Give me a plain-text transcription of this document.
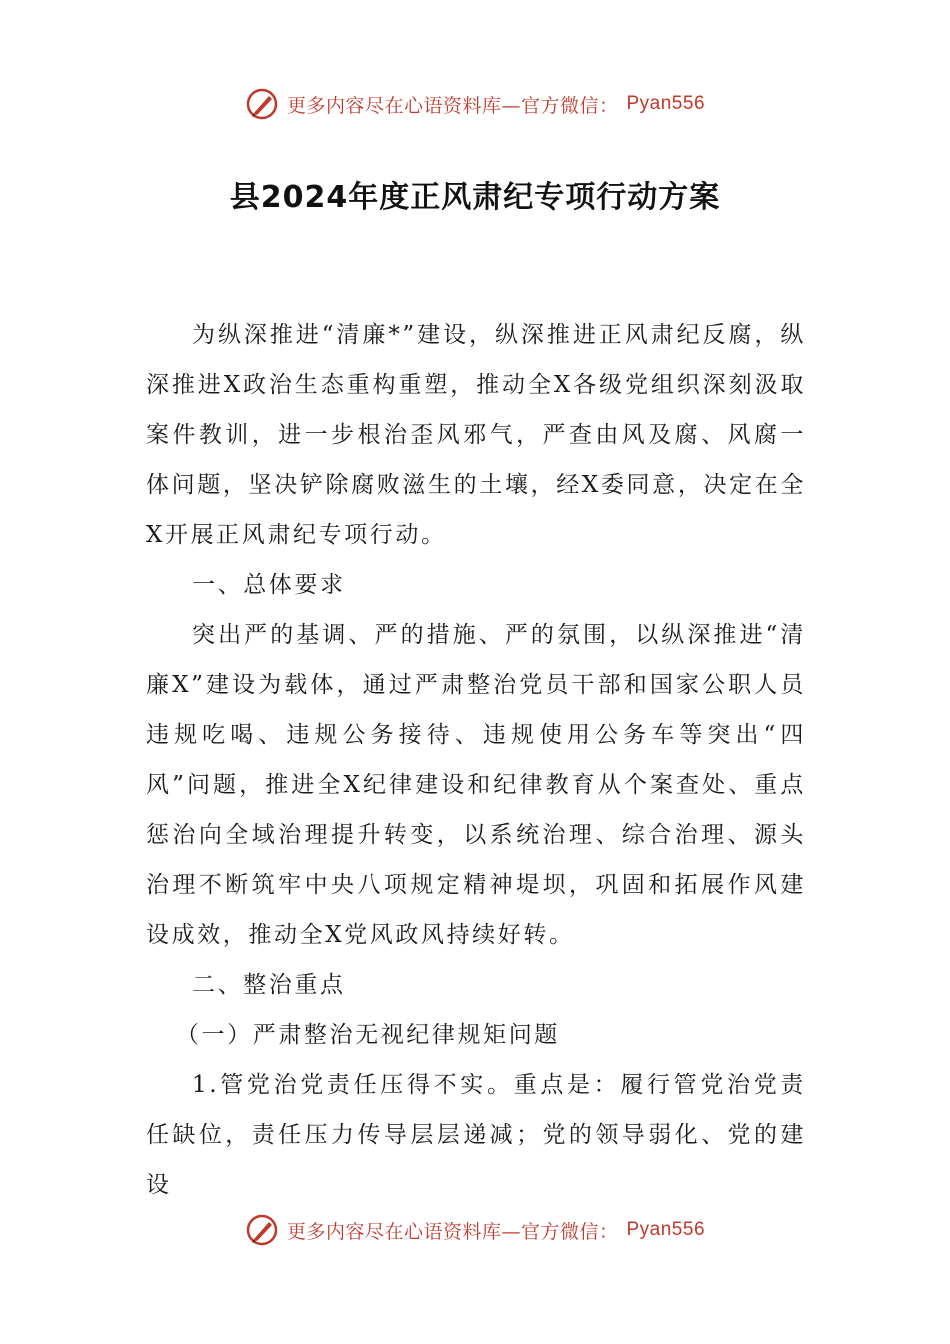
更多内容尽在心语资料库—官方微信： Pyan556
县2024年度正风肃纪专项行动方案

为纵深推进“清廉*”建设，纵深推进正风肃纪反腐，纵深推进X政治生态重构重塑，推动全X各级党组织深刻汲取案件教训，进一步根治歪风邪气，严查由风及腐、风腐一体问题，坚决铲除腐败滋生的土壤，经X委同意，决定在全X开展正风肃纪专项行动。

一、总体要求

突出严的基调、严的措施、严的氛围，以纵深推进“清廉X”建设为载体，通过严肃整治党员干部和国家公职人员违规吃喝、违规公务接待、违规使用公务车等突出“四风”问题，推进全X纪律建设和纪律教育从个案查处、重点惩治向全域治理提升转变，以系统治理、综合治理、源头治理不断筑牢中央八项规定精神堤坝，巩固和拓展作风建设成效，推动全X党风政风持续好转。

二、整治重点

（一）严肃整治无视纪律规矩问题

1.管党治党责任压得不实。重点是：履行管党治党责任缺位，责任压力传导层层递减；党的领导弱化、党的建设

更多内容尽在心语资料库—官方微信： Pyan556
